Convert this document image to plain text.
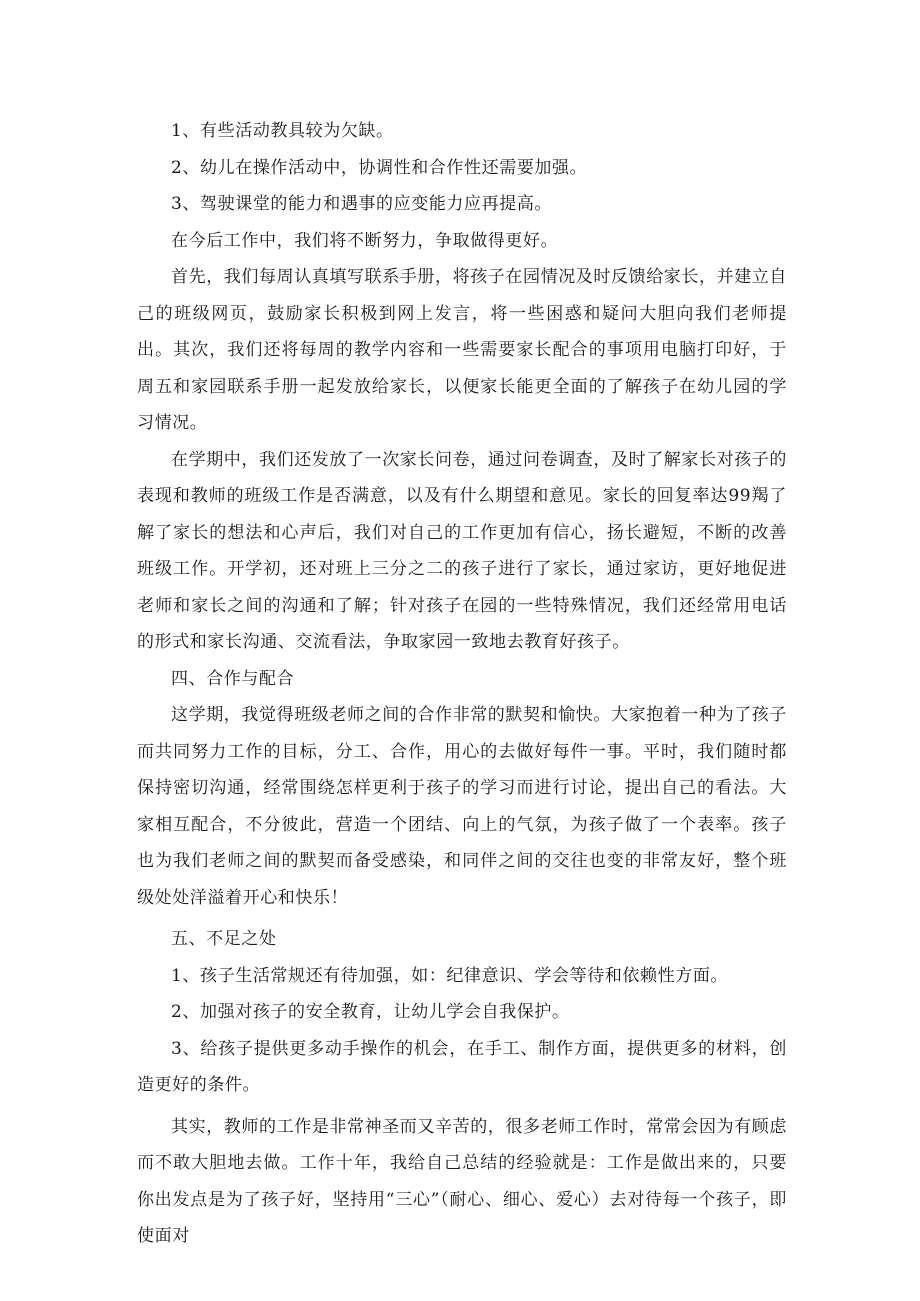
1、有些活动教具较为欠缺。

2、幼儿在操作活动中，协调性和合作性还需要加强。

3、驾驶课堂的能力和遇事的应变能力应再提高。

在今后工作中，我们将不断努力，争取做得更好。

首先，我们每周认真填写联系手册，将孩子在园情况及时反馈给家长，并建立自己的班级网页，鼓励家长积极到网上发言，将一些困惑和疑问大胆向我们老师提出。其次，我们还将每周的教学内容和一些需要家长配合的事项用电脑打印好，于周五和家园联系手册一起发放给家长，以便家长能更全面的了解孩子在幼儿园的学习情况。

在学期中，我们还发放了一次家长问卷，通过问卷调查，及时了解家长对孩子的表现和教师的班级工作是否满意，以及有什么期望和意见。家长的回复率达99羯了解了家长的想法和心声后，我们对自己的工作更加有信心，扬长避短，不断的改善班级工作。开学初，还对班上三分之二的孩子进行了家长，通过家访，更好地促进老师和家长之间的沟通和了解；针对孩子在园的一些特殊情况，我们还经常用电话的形式和家长沟通、交流看法，争取家园一致地去教育好孩子。

四、合作与配合

这学期，我觉得班级老师之间的合作非常的默契和愉快。大家抱着一种为了孩子而共同努力工作的目标，分工、合作，用心的去做好每件一事。平时，我们随时都保持密切沟通，经常围绕怎样更利于孩子的学习而进行讨论，提出自己的看法。大家相互配合，不分彼此，营造一个团结、向上的气氛，为孩子做了一个表率。孩子也为我们老师之间的默契而备受感染，和同伴之间的交往也变的非常友好，整个班级处处洋溢着开心和快乐！

五、不足之处

1、孩子生活常规还有待加强，如：纪律意识、学会等待和依赖性方面。

2、加强对孩子的安全教育，让幼儿学会自我保护。

3、给孩子提供更多动手操作的机会，在手工、制作方面，提供更多的材料，创造更好的条件。

其实，教师的工作是非常神圣而又辛苦的，很多老师工作时，常常会因为有顾虑而不敢大胆地去做。工作十年，我给自己总结的经验就是：工作是做出来的，只要你出发点是为了孩子好，坚持用“三心”（耐心、细心、爱心）去对待每一个孩子，即使面对
